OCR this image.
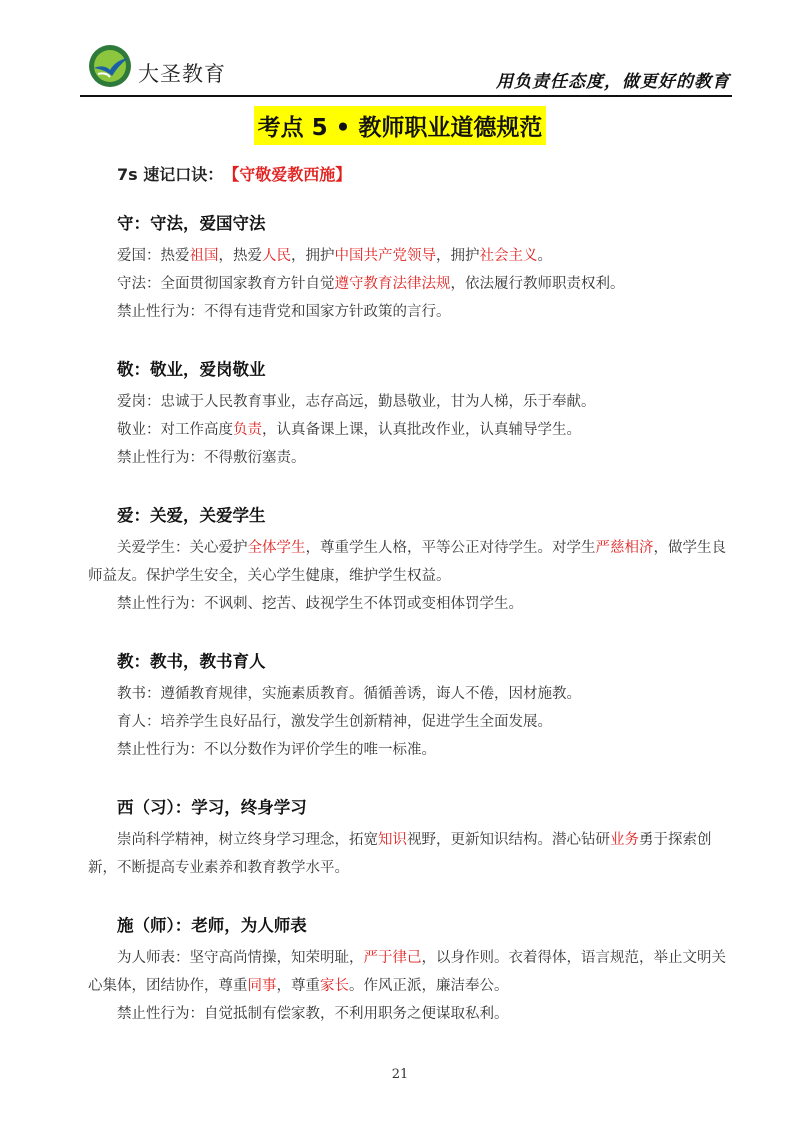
大圣教育	用负责任态度，做更好的教育
考点 5 • 教师职业道德规范
7s 速记口诀： 【守敬爱教西施】
守：守法，爱国守法
爱国：热爱祖国，热爱人民，拥护中国共产党领导，拥护社会主义。
守法：全面贯彻国家教育方针自觉遵守教育法律法规，依法履行教师职责权利。
禁止性行为：不得有违背党和国家方针政策的言行。
敬：敬业，爱岗敬业
爱岗：忠诚于人民教育事业，志存高远，勤恳敬业，甘为人梯，乐于奉献。
敬业：对工作高度负责，认真备课上课，认真批改作业，认真辅导学生。
禁止性行为：不得敷衍塞责。
爱：关爱，关爱学生
关爱学生：关心爱护全体学生，尊重学生人格，平等公正对待学生。对学生严慈相济，做学生良师益友。保护学生安全，关心学生健康，维护学生权益。
禁止性行为：不讽刺、挖苦、歧视学生不体罚或变相体罚学生。
教：教书，教书育人
教书：遵循教育规律，实施素质教育。循循善诱，诲人不倦，因材施教。
育人：培养学生良好品行，激发学生创新精神，促进学生全面发展。
禁止性行为：不以分数作为评价学生的唯一标准。
西（习）：学习，终身学习
崇尚科学精神，树立终身学习理念，拓宽知识视野，更新知识结构。潜心钻研业务勇于探索创新，不断提高专业素养和教育教学水平。
施（师）：老师，为人师表
为人师表：坚守高尚情操，知荣明耻，严于律己，以身作则。衣着得体，语言规范，举止文明关心集体，团结协作，尊重同事，尊重家长。作风正派，廉洁奉公。
禁止性行为：自觉抵制有偿家教，不利用职务之便谋取私利。
21
